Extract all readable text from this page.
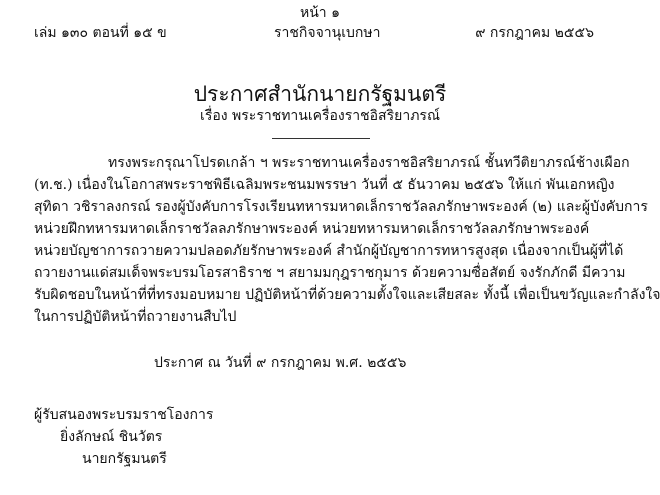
หน้า ๑
เล่ม ๑๓๐ ตอนที่ ๑๕ ข	ราชกิจจานุเบกษา	๙ กรกฎาคม ๒๕๕๖
ประกาศสำนักนายกรัฐมนตรี
เรื่อง พระราชทานเครื่องราชอิสริยาภรณ์
ทรงพระกรุณาโปรดเกล้า ฯ พระราชทานเครื่องราชอิสริยาภรณ์ ชั้นทวีติยาภรณ์ช้างเผือก
(ท.ช.) เนื่องในโอกาสพระราชพิธีเฉลิมพระชนมพรรษา วันที่ ๕ ธันวาคม ๒๕๕๖ ให้แก่ พันเอกหญิง
สุทิดา วชิราลงกรณ์ รองผู้บังคับการโรงเรียนทหารมหาดเล็กราชวัลลภรักษาพระองค์ (๒) และผู้บังคับการ
หน่วยฝึกทหารมหาดเล็กราชวัลลภรักษาพระองค์ หน่วยทหารมหาดเล็กราชวัลลภรักษาพระองค์
หน่วยบัญชาการถวายความปลอดภัยรักษาพระองค์ สำนักผู้บัญชาการทหารสูงสุด เนื่องจากเป็นผู้ที่ได้
ถวายงานแด่สมเด็จพระบรมโอรสาธิราช ฯ สยามมกุฎราชกุมาร ด้วยความซื่อสัตย์ จงรักภักดี มีความ
รับผิดชอบในหน้าที่ที่ทรงมอบหมาย ปฏิบัติหน้าที่ด้วยความตั้งใจและเสียสละ ทั้งนี้ เพื่อเป็นขวัญและกำลังใจ
ในการปฏิบัติหน้าที่ถวายงานสืบไป
ประกาศ ณ วันที่ ๙ กรกฎาคม พ.ศ. ๒๕๕๖
ผู้รับสนองพระบรมราชโองการ
ยิ่งลักษณ์ ชินวัตร
นายกรัฐมนตรี
